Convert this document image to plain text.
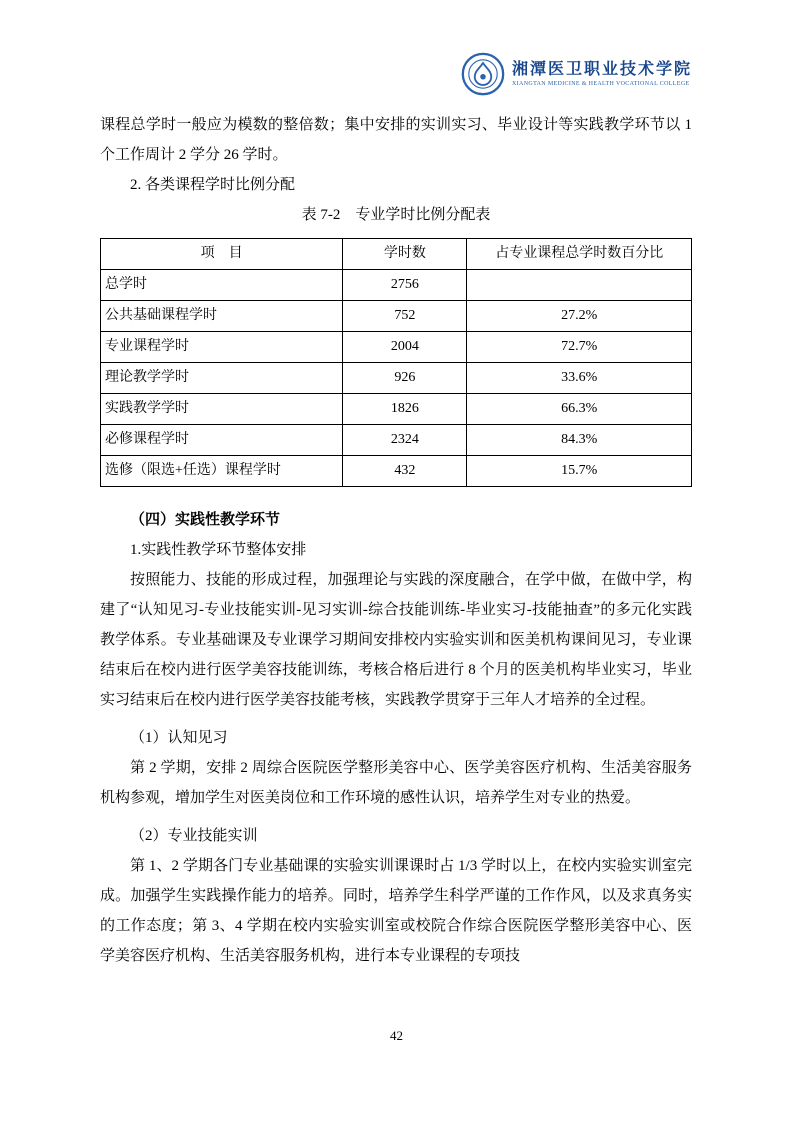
湘潭医卫职业技术学院
XIANGTAN MEDICINE & HEALTH VOCATIONAL COLLEGE

课程总学时一般应为模数的整倍数；集中安排的实训实习、毕业设计等实践教学环节以 1 个工作周计 2 学分 26 学时。

2. 各类课程学时比例分配

表 7-2　专业学时比例分配表
项　目	学时数	占专业课程总学时数百分比
总学时	2756	
公共基础课程学时	752	27.2%
专业课程学时	2004	72.7%
理论教学学时	926	33.6%
实践教学学时	1826	66.3%
必修课程学时	2324	84.3%
选修（限选+任选）课程学时	432	15.7%

（四）实践性教学环节

1.实践性教学环节整体安排

按照能力、技能的形成过程，加强理论与实践的深度融合，在学中做，在做中学，构建了“认知见习-专业技能实训-见习实训-综合技能训练-毕业实习-技能抽查”的多元化实践教学体系。专业基础课及专业课学习期间安排校内实验实训和医美机构课间见习，专业课结束后在校内进行医学美容技能训练，考核合格后进行 8 个月的医美机构毕业实习，毕业实习结束后在校内进行医学美容技能考核，实践教学贯穿于三年人才培养的全过程。

（1）认知见习

第 2 学期，安排 2 周综合医院医学整形美容中心、医学美容医疗机构、生活美容服务机构参观，增加学生对医美岗位和工作环境的感性认识，培养学生对专业的热爱。

（2）专业技能实训

第 1、2 学期各门专业基础课的实验实训课课时占 1/3 学时以上，在校内实验实训室完成。加强学生实践操作能力的培养。同时，培养学生科学严谨的工作作风，以及求真务实的工作态度；第 3、4 学期在校内实验实训室或校院合作综合医院医学整形美容中心、医学美容医疗机构、生活美容服务机构，进行本专业课程的专项技

42
